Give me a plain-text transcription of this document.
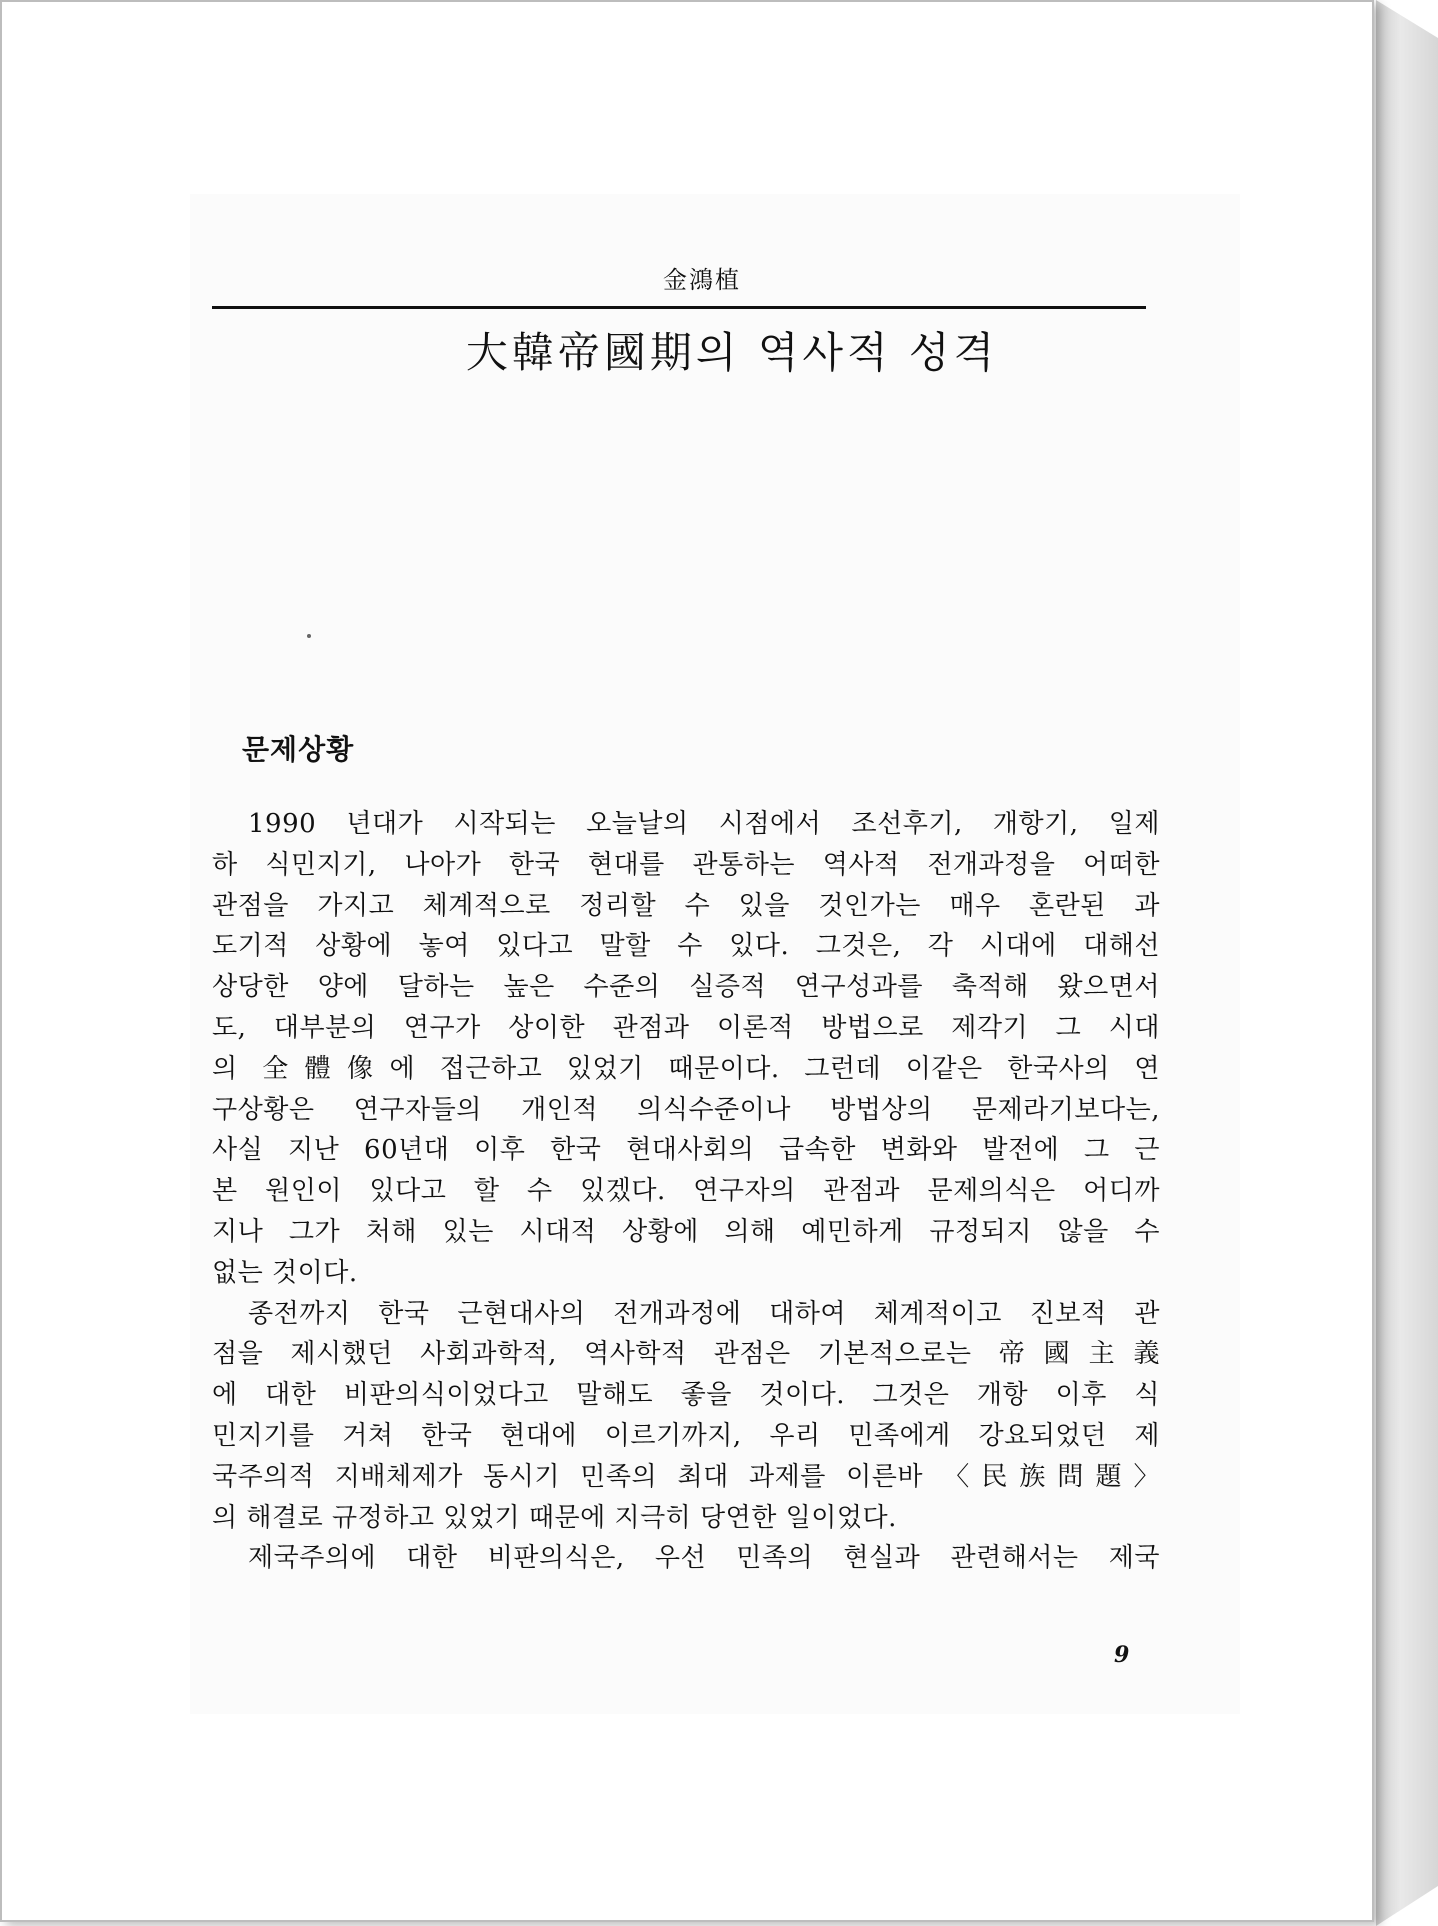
金鴻植
大韓帝國期의 역사적 성격
문제상황
1990 년대가 시작되는 오늘날의 시점에서 조선후기, 개항기, 일제
하 식민지기, 나아가 한국 현대를 관통하는 역사적 전개과정을 어떠한
관점을 가지고 체계적으로 정리할 수 있을 것인가는 매우 혼란된 과
도기적 상황에 놓여 있다고 말할 수 있다. 그것은, 각 시대에 대해선
상당한 양에 달하는 높은 수준의 실증적 연구성과를 축적해 왔으면서
도, 대부분의 연구가 상이한 관점과 이론적 방법으로 제각기 그 시대
의 全體像에 접근하고 있었기 때문이다. 그런데 이같은 한국사의 연
구상황은 연구자들의 개인적 의식수준이나 방법상의 문제라기보다는,
사실 지난 60년대 이후 한국 현대사회의 급속한 변화와 발전에 그 근
본 원인이 있다고 할 수 있겠다. 연구자의 관점과 문제의식은 어디까
지나 그가 처해 있는 시대적 상황에 의해 예민하게 규정되지 않을 수
없는 것이다.
종전까지 한국 근현대사의 전개과정에 대하여 체계적이고 진보적 관
점을 제시했던 사회과학적, 역사학적 관점은 기본적으로는 帝國主義
에 대한 비판의식이었다고 말해도 좋을 것이다. 그것은 개항 이후 식
민지기를 거쳐 한국 현대에 이르기까지, 우리 민족에게 강요되었던 제
국주의적 지배체제가 동시기 민족의 최대 과제를 이른바 〈民族問題〉
의 해결로 규정하고 있었기 때문에 지극히 당연한 일이었다.
제국주의에 대한 비판의식은, 우선 민족의 현실과 관련해서는 제국
9
